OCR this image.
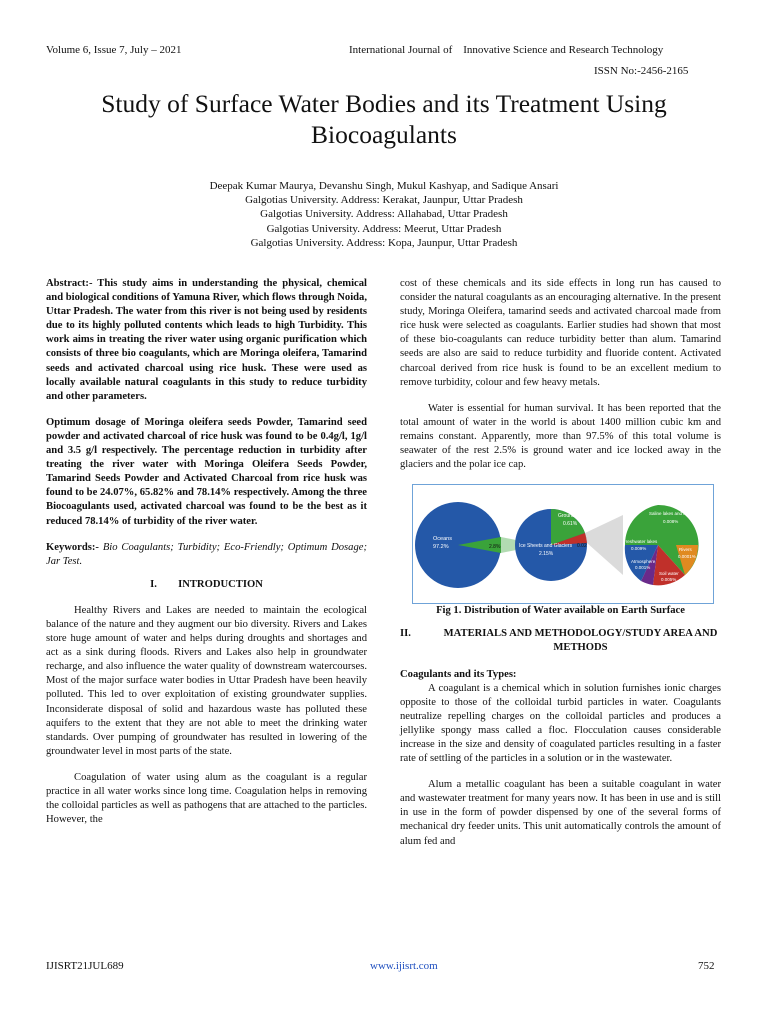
Volume 6, Issue 7, July – 2021	International Journal of    Innovative Science and Research Technology
ISSN No:-2456-2165
Study of Surface Water Bodies and its Treatment Using Biocoagulants
Deepak Kumar Maurya, Devanshu Singh, Mukul Kashyap, and Sadique Ansari
Galgotias University. Address: Kerakat, Jaunpur, Uttar Pradesh
Galgotias University. Address: Allahabad, Uttar Pradesh
Galgotias University. Address: Meerut, Uttar Pradesh
Galgotias University. Address: Kopa, Jaunpur, Uttar Pradesh

Abstract:- This study aims in understanding the physical, chemical and biological conditions of Yamuna River, which flows through Noida, Uttar Pradesh. The water from this river is not being used by residents due to its highly polluted contents which leads to high Turbidity. This work aims in treating the river water using organic purification which consists of three bio coagulants, which are Moringa oleifera, Tamarind seeds and activated charcoal using rice husk. These were used as locally available natural coagulants in this study to reduce turbidity and other parameters.

Optimum dosage of Moringa oleifera seeds Powder, Tamarind seed powder and activated charcoal of rice husk was found to be 0.4g/l, 1g/l and 3.5 g/l respectively. The percentage reduction in turbidity after treating the river water with Moringa Oleifera Seeds Powder, Tamarind Seeds Powder and Activated Charcoal from rice husk was found to be 24.07%, 65.82% and 78.14% respectively. Among the three Biocoagulants used, activated charcoal was found to be the best as it reduced 78.14% of turbidity of the river water.

Keywords:- Bio Coagulants; Turbidity; Eco-Friendly; Optimum Dosage; Jar Test.

I. INTRODUCTION

Healthy Rivers and Lakes are needed to maintain the ecological balance of the nature and they augment our bio diversity. Rivers and Lakes store huge amount of water and helps during droughts and shortages and act as a sink during floods. Rivers and Lakes also help in groundwater recharge, and also influence the water quality of downstream watercourses. Most of the major surface water bodies in Uttar Pradesh have been heavily polluted. This led to over exploitation of existing groundwater supplies. Inconsiderate disposal of solid and hazardous waste has polluted these aquifers to the extent that they are not able to meet the drinking water standards. Over pumping of groundwater has resulted in lowering of the groundwater level in most parts of the state.

Coagulation of water using alum as the coagulant is a regular practice in all water works since long time. Coagulation helps in removing the colloidal particles as well as pathogens that are attached to the particles. However, the

cost of these chemicals and its side effects in long run has caused to consider the natural coagulants as an encouraging alternative. In the present study, Moringa Oleifera, tamarind seeds and activated charcoal made from rice husk were selected as coagulants. Earlier studies had shown that most of these bio-coagulants can reduce turbidity better than alum. Tamarind seeds are also are said to reduce turbidity and fluoride content. Activated charcoal derived from rice husk is found to be an excellent medium to remove turbidity, colour and few heavy metals.

Water is essential for human survival. It has been reported that the total amount of water in the world is about 1400 million cubic km and remains constant. Apparently, more than 97.5% of this total volume is seawater of the rest 2.5% is ground water and ice locked away in the glaciers and the polar ice cap.

Oceans
97.2%	2.8%	Ice Sheets and Glaciers
2.15%
Groundwater
0.61%
0.02
Saline lakes and inland seas
0.008%
Freshwater lakes
0.009%
Atmosphere
0.001%
Soil water
0.005%
Rivers
0.0001%

Fig 1. Distribution of Water available on Earth Surface

II.	MATERIALS AND METHODOLOGY/STUDY AREA AND METHODS

Coagulants and its Types:

A coagulant is a chemical which in solution furnishes ionic charges opposite to those of the colloidal turbid particles in water. Coagulants neutralize repelling charges on the colloidal particles and produces a jellylike spongy mass called a floc. Flocculation causes considerable increase in the size and density of coagulated particles resulting in a faster rate of settling of the particles in a solution or in the wastewater.

Alum a metallic coagulant has been a suitable coagulant in water and wastewater treatment for many years now. It has been in use and is still in use in the form of powder dispensed by one of the several forms of mechanical dry feeder units. This unit automatically controls the amount of alum fed and

IJISRT21JUL689	www.ijisrt.com	752
